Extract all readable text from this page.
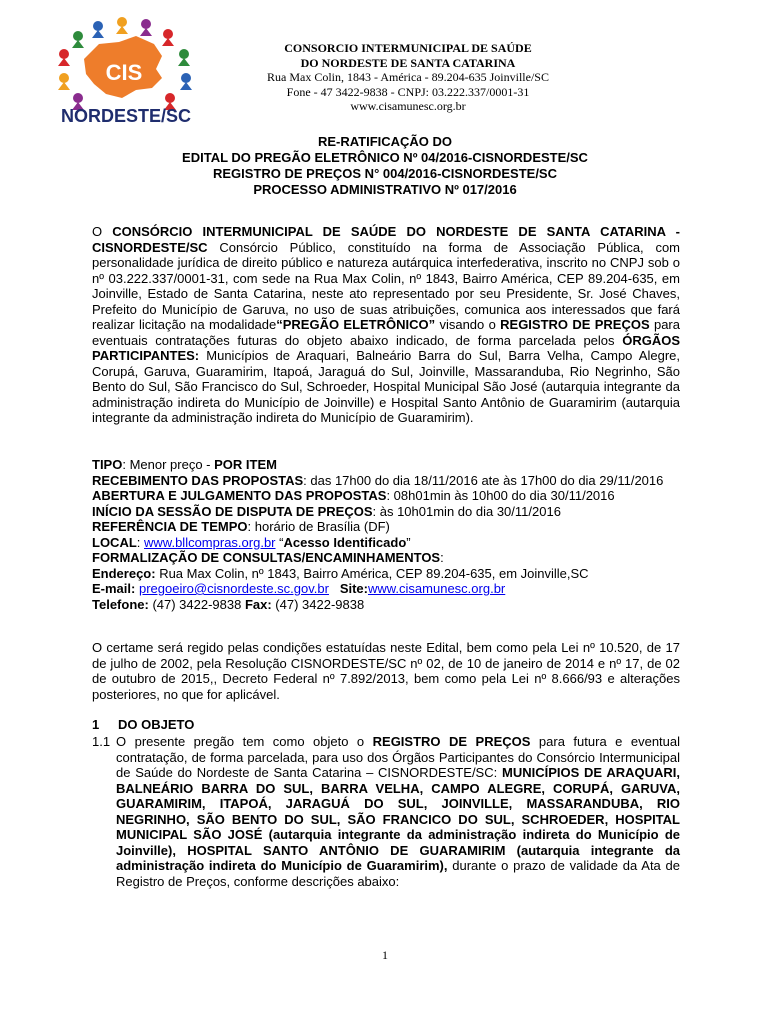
CIS
NORDESTE/SC
CONSORCIO INTERMUNICIPAL DE SAÚDE
DO NORDESTE DE SANTA CATARINA
Rua Max Colin, 1843 - América - 89.204-635 Joinville/SC
Fone - 47 3422-9838 - CNPJ: 03.222.337/0001-31
www.cisamunesc.org.br
RE-RATIFICAÇÃO DO
EDITAL DO PREGÃO ELETRÔNICO Nº 04/2016-CISNORDESTE/SC
REGISTRO DE PREÇOS N° 004/2016-CISNORDESTE/SC
PROCESSO ADMINISTRATIVO Nº 017/2016
O CONSÓRCIO INTERMUNICIPAL DE SAÚDE DO NORDESTE DE SANTA CATARINA - CISNORDESTE/SC Consórcio Público, constituído na forma de Associação Pública, com personalidade jurídica de direito público e natureza autárquica interfederativa, inscrito no CNPJ sob o nº 03.222.337/0001-31, com sede na Rua Max Colin, nº 1843, Bairro América, CEP 89.204-635, em Joinville, Estado de Santa Catarina, neste ato representado por seu Presidente, Sr. José Chaves, Prefeito do Município de Garuva, no uso de suas atribuições, comunica aos interessados que fará realizar licitação na modalidade“PREGÃO ELETRÔNICO” visando o REGISTRO DE PREÇOS para eventuais contratações futuras do objeto abaixo indicado, de forma parcelada pelos ÓRGÃOS PARTICIPANTES: Municípios de Araquari, Balneário Barra do Sul, Barra Velha, Campo Alegre, Corupá, Garuva, Guaramirim, Itapoá, Jaraguá do Sul, Joinville, Massaranduba, Rio Negrinho, São Bento do Sul, São Francisco do Sul, Schroeder, Hospital Municipal São José (autarquia integrante da administração indireta do Município de Joinville) e Hospital Santo Antônio de Guaramirim (autarquia integrante da administração indireta do Município de Guaramirim).
TIPO: Menor preço - POR ITEM
RECEBIMENTO DAS PROPOSTAS: das 17h00 do dia 18/11/2016 ate às 17h00 do dia 29/11/2016
ABERTURA E JULGAMENTO DAS PROPOSTAS: 08h01min às 10h00 do dia 30/11/2016
INÍCIO DA SESSÃO DE DISPUTA DE PREÇOS: às 10h01min do dia 30/11/2016
REFERÊNCIA DE TEMPO: horário de Brasília (DF)
LOCAL: www.bllcompras.org.br “Acesso Identificado”
FORMALIZAÇÃO DE CONSULTAS/ENCAMINHAMENTOS:
Endereço: Rua Max Colin, nº 1843, Bairro América, CEP 89.204-635, em Joinville,SC
E-mail: pregoeiro@cisnordeste.sc.gov.br Site:www.cisamunesc.org.br
Telefone: (47) 3422-9838 Fax: (47) 3422-9838
O certame será regido pelas condições estatuídas neste Edital, bem como pela Lei nº 10.520, de 17 de julho de 2002, pela Resolução CISNORDESTE/SC nº 02, de 10 de janeiro de 2014 e nº 17, de 02 de outubro de 2015,, Decreto Federal nº 7.892/2013, bem como pela Lei nº 8.666/93 e alterações posteriores, no que for aplicável.
1 DO OBJETO
1.1 O presente pregão tem como objeto o REGISTRO DE PREÇOS para futura e eventual contratação, de forma parcelada, para uso dos Órgãos Participantes do Consórcio Intermunicipal de Saúde do Nordeste de Santa Catarina – CISNORDESTE/SC: MUNICÍPIOS DE ARAQUARI, BALNEÁRIO BARRA DO SUL, BARRA VELHA, CAMPO ALEGRE, CORUPÁ, GARUVA, GUARAMIRIM, ITAPOÁ, JARAGUÁ DO SUL, JOINVILLE, MASSARANDUBA, RIO NEGRINHO, SÃO BENTO DO SUL, SÃO FRANCICO DO SUL, SCHROEDER, HOSPITAL MUNICIPAL SÃO JOSÉ (autarquia integrante da administração indireta do Município de Joinville), HOSPITAL SANTO ANTÔNIO DE GUARAMIRIM (autarquia integrante da administração indireta do Município de Guaramirim), durante o prazo de validade da Ata de Registro de Preços, conforme descrições abaixo:
1
